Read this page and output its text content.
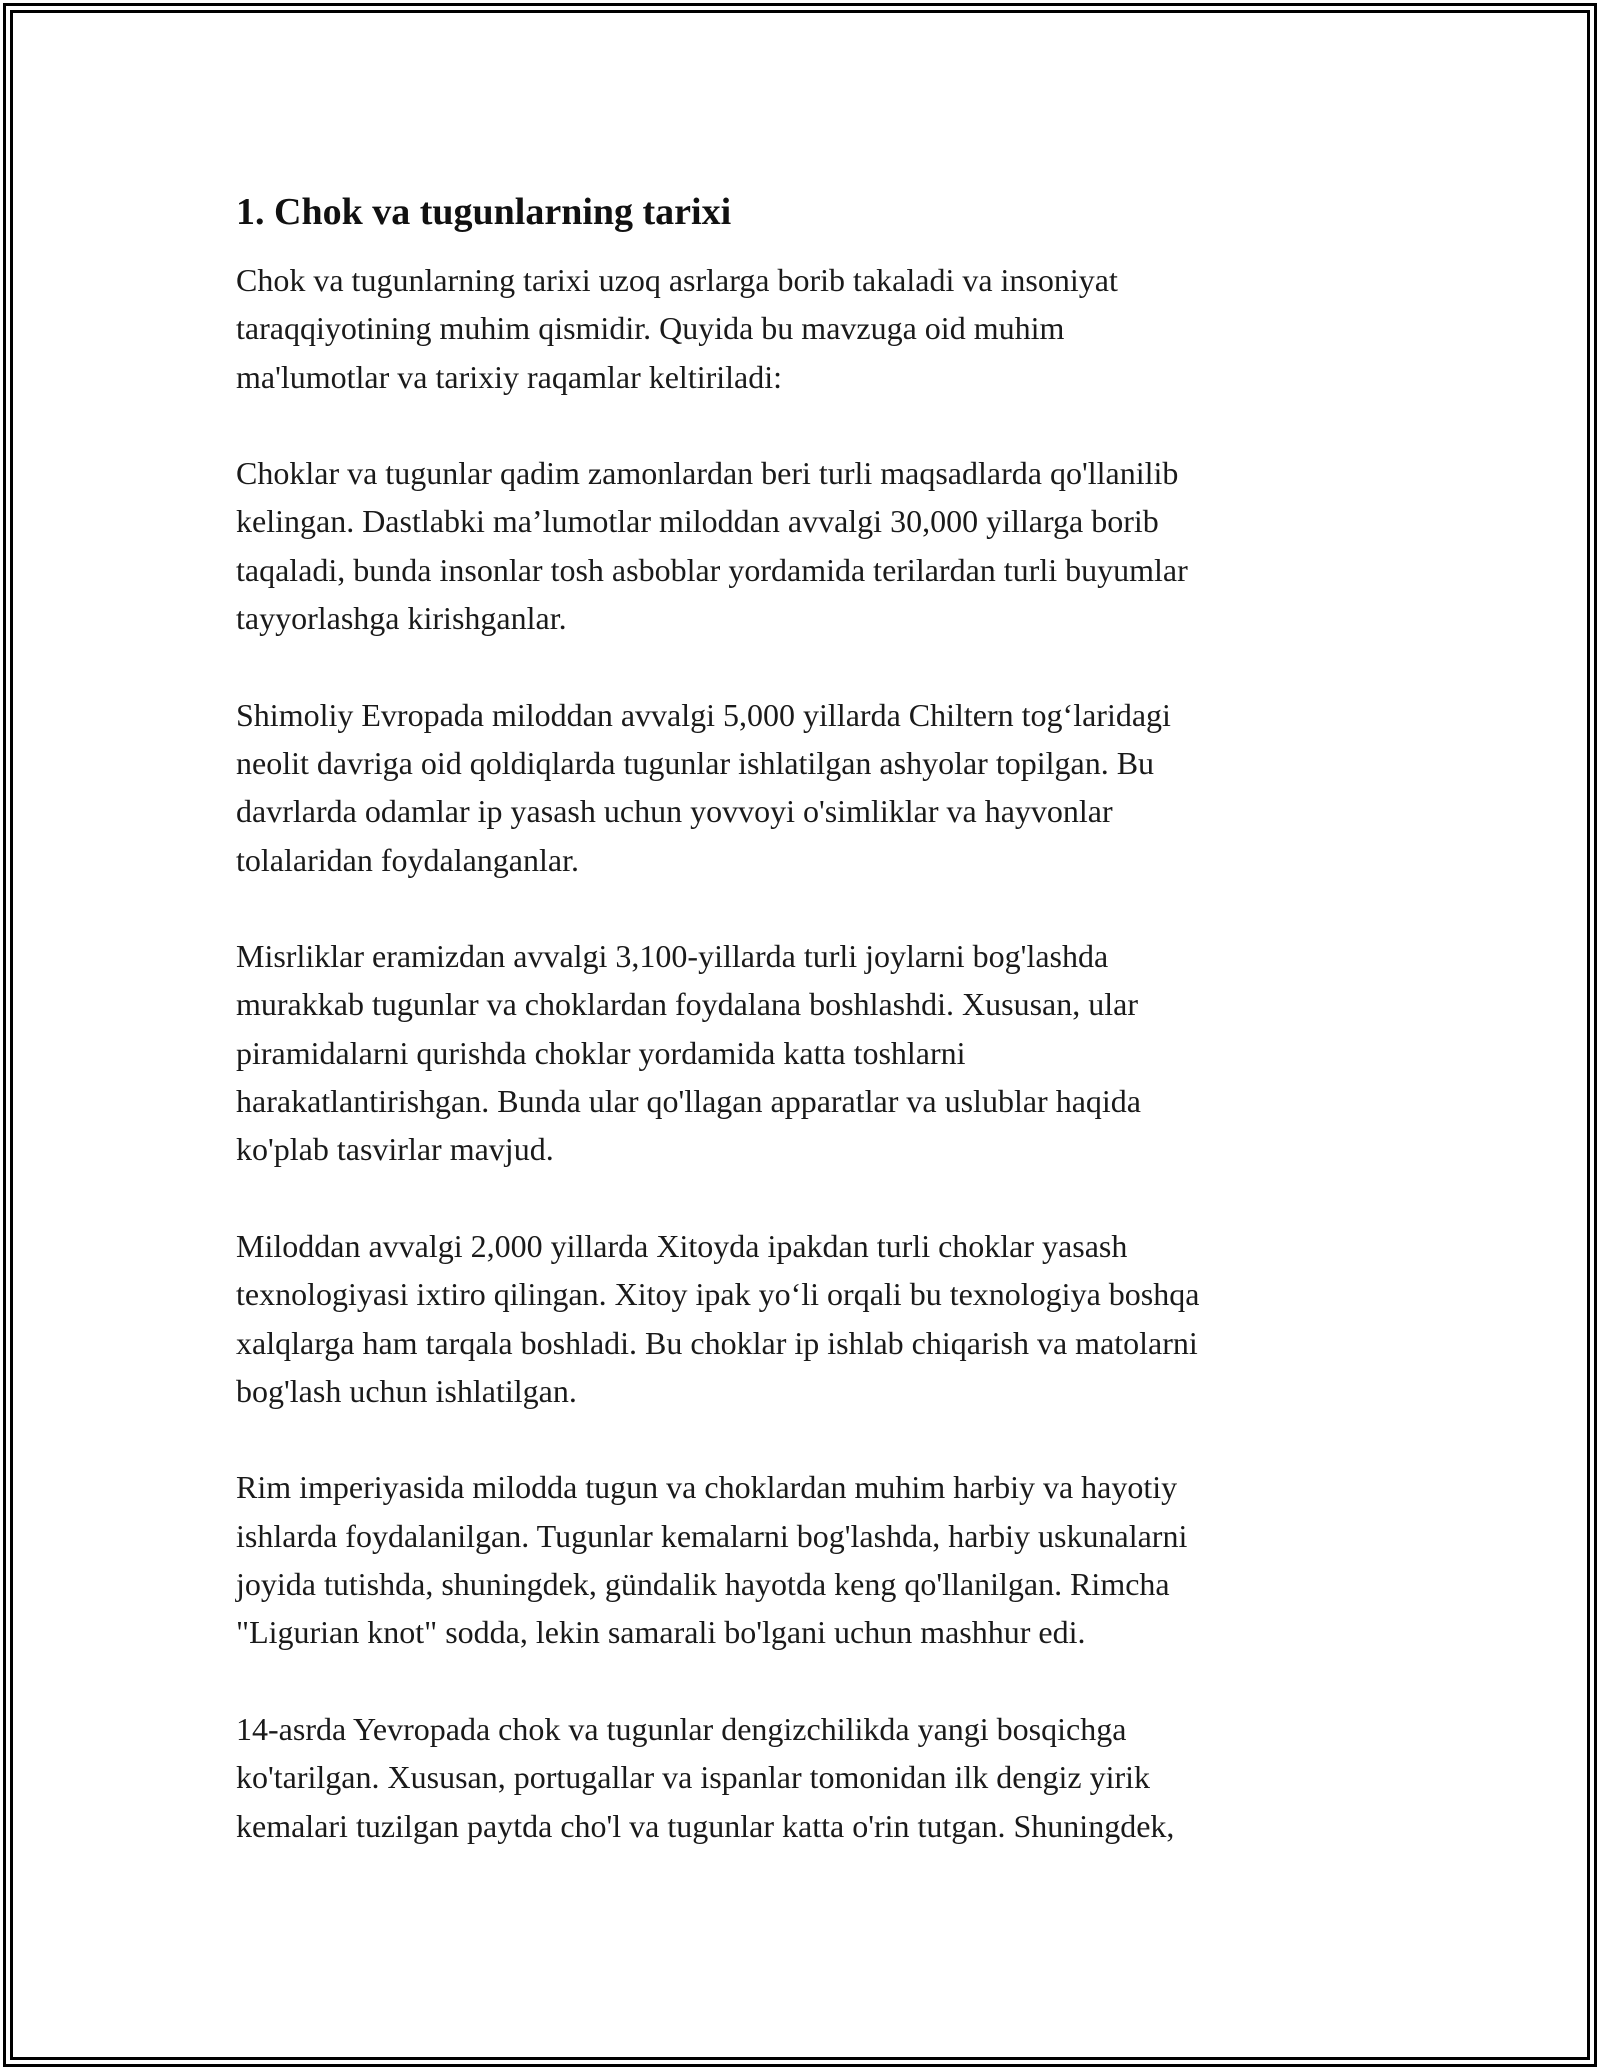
1. Chok va tugunlarning tarixi

Chok va tugunlarning tarixi uzoq asrlarga borib takaladi va insoniyat
taraqqiyotining muhim qismidir. Quyida bu mavzuga oid muhim
ma'lumotlar va tarixiy raqamlar keltiriladi:

Choklar va tugunlar qadim zamonlardan beri turli maqsadlarda qo'llanilib
kelingan. Dastlabki ma’lumotlar miloddan avvalgi 30,000 yillarga borib
taqaladi, bunda insonlar tosh asboblar yordamida terilardan turli buyumlar
tayyorlashga kirishganlar.

Shimoliy Evropada miloddan avvalgi 5,000 yillarda Chiltern tog‘laridagi
neolit davriga oid qoldiqlarda tugunlar ishlatilgan ashyolar topilgan. Bu
davrlarda odamlar ip yasash uchun yovvoyi o'simliklar va hayvonlar
tolalaridan foydalanganlar.

Misrliklar eramizdan avvalgi 3,100-yillarda turli joylarni bog'lashda
murakkab tugunlar va choklardan foydalana boshlashdi. Xususan, ular
piramidalarni qurishda choklar yordamida katta toshlarni
harakatlantirishgan. Bunda ular qo'llagan apparatlar va uslublar haqida
ko'plab tasvirlar mavjud.

Miloddan avvalgi 2,000 yillarda Xitoyda ipakdan turli choklar yasash
texnologiyasi ixtiro qilingan. Xitoy ipak yo‘li orqali bu texnologiya boshqa
xalqlarga ham tarqala boshladi. Bu choklar ip ishlab chiqarish va matolarni
bog'lash uchun ishlatilgan.

Rim imperiyasida milodda tugun va choklardan muhim harbiy va hayotiy
ishlarda foydalanilgan. Tugunlar kemalarni bog'lashda, harbiy uskunalarni
joyida tutishda, shuningdek, gündalik hayotda keng qo'llanilgan. Rimcha
"Ligurian knot" sodda, lekin samarali bo'lgani uchun mashhur edi.

14-asrda Yevropada chok va tugunlar dengizchilikda yangi bosqichga
ko'tarilgan. Xususan, portugallar va ispanlar tomonidan ilk dengiz yirik
kemalari tuzilgan paytda cho'l va tugunlar katta o'rin tutgan. Shuningdek,
